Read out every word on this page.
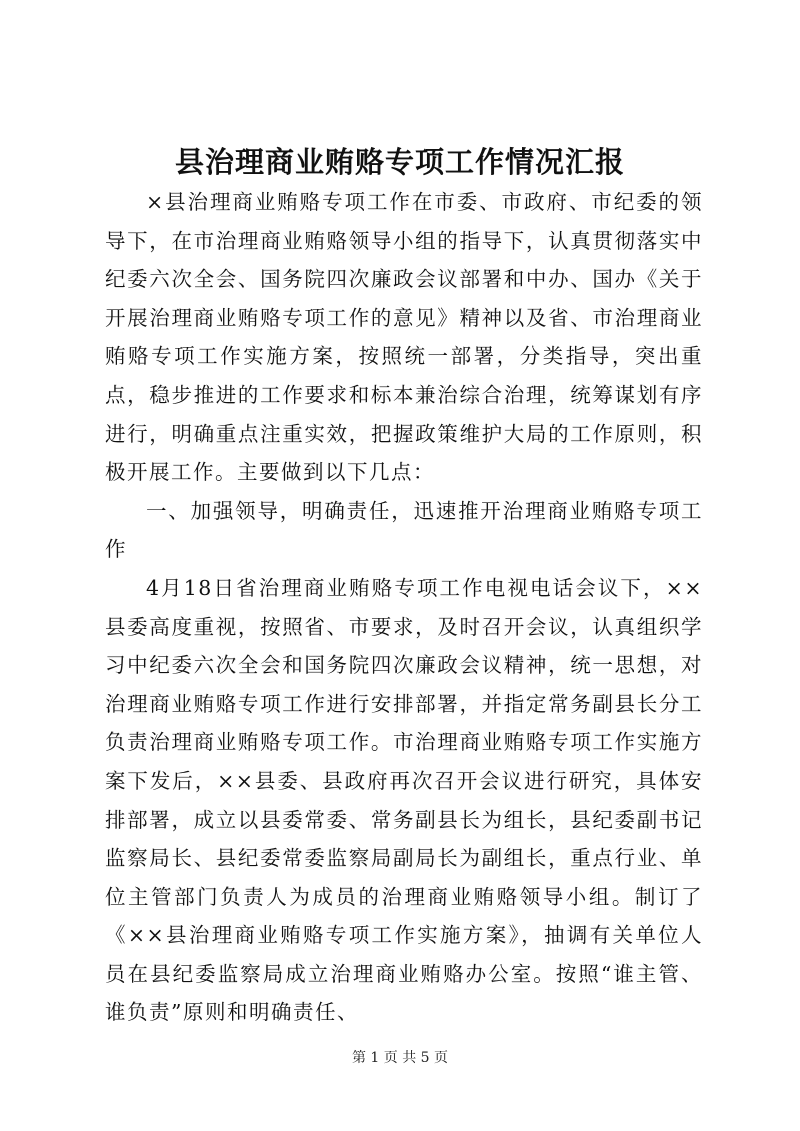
县治理商业贿赂专项工作情况汇报

×县治理商业贿赂专项工作在市委、市政府、市纪委的领导下，在市治理商业贿赂领导小组的指导下，认真贯彻落实中纪委六次全会、国务院四次廉政会议部署和中办、国办《关于开展治理商业贿赂专项工作的意见》精神以及省、市治理商业贿赂专项工作实施方案，按照统一部署，分类指导，突出重点，稳步推进的工作要求和标本兼治综合治理，统筹谋划有序进行，明确重点注重实效，把握政策维护大局的工作原则，积极开展工作。主要做到以下几点：

一、加强领导，明确责任，迅速推开治理商业贿赂专项工作

4月18日省治理商业贿赂专项工作电视电话会议下，××县委高度重视，按照省、市要求，及时召开会议，认真组织学习中纪委六次全会和国务院四次廉政会议精神，统一思想，对治理商业贿赂专项工作进行安排部署，并指定常务副县长分工负责治理商业贿赂专项工作。市治理商业贿赂专项工作实施方案下发后，××县委、县政府再次召开会议进行研究，具体安排部署，成立以县委常委、常务副县长为组长，县纪委副书记监察局长、县纪委常委监察局副局长为副组长，重点行业、单位主管部门负责人为成员的治理商业贿赂领导小组。制订了《××县治理商业贿赂专项工作实施方案》，抽调有关单位人员在县纪委监察局成立治理商业贿赂办公室。按照“谁主管、谁负责”原则和明确责任、

第 1 页 共 5 页
